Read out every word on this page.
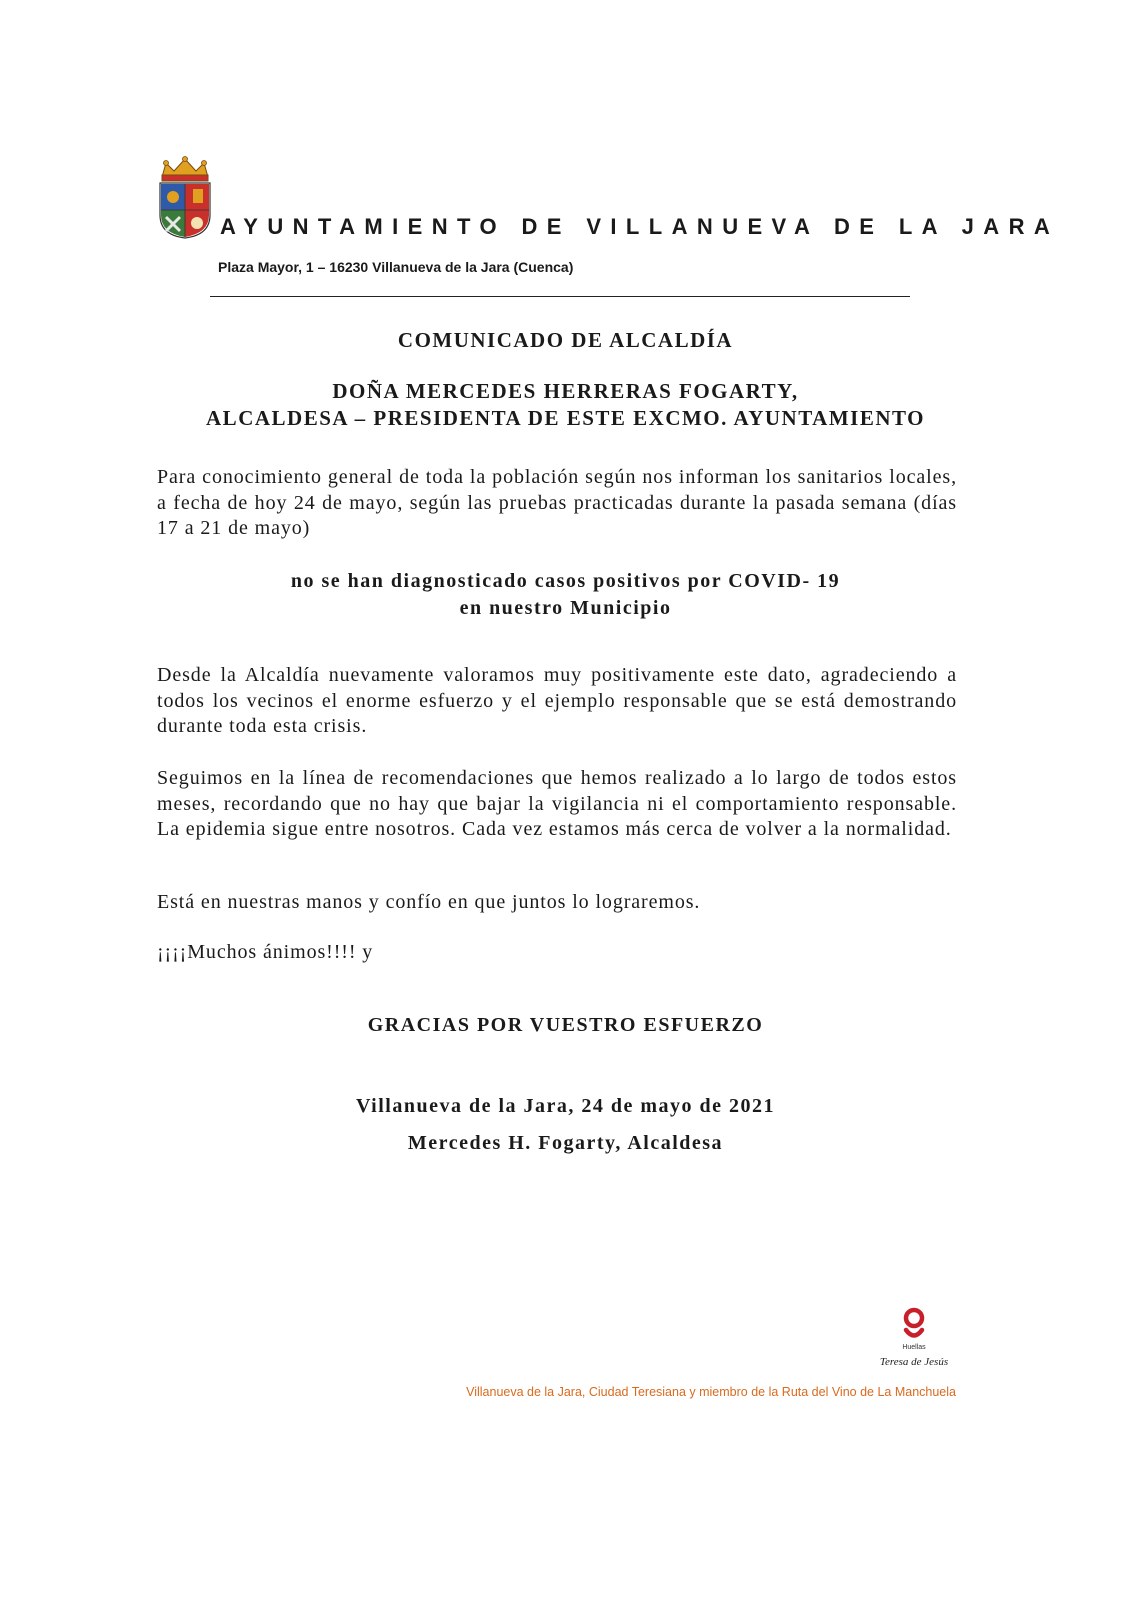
AYUNTAMIENTO DE VILLANUEVA DE LA JARA
Plaza Mayor, 1 – 16230 Villanueva de la Jara (Cuenca)
COMUNICADO DE ALCALDÍA
DOÑA MERCEDES HERRERAS FOGARTY,
ALCALDESA – PRESIDENTA DE ESTE EXCMO. AYUNTAMIENTO
Para conocimiento general de toda la población según nos informan los sanitarios locales, a fecha de hoy 24 de mayo, según las pruebas practicadas durante la pasada semana (días 17 a 21 de mayo)
no se han diagnosticado casos positivos por COVID- 19
en nuestro Municipio
Desde la Alcaldía nuevamente valoramos muy positivamente este dato, agradeciendo a todos los vecinos el enorme esfuerzo y el ejemplo responsable que se está demostrando durante toda esta crisis.
Seguimos en la línea de recomendaciones que hemos realizado a lo largo de todos estos meses, recordando que no hay que bajar la vigilancia ni el comportamiento responsable. La epidemia sigue entre nosotros. Cada vez estamos más cerca de volver a la normalidad.
Está en nuestras manos y confío en que juntos lo lograremos.
¡¡¡¡Muchos ánimos!!!! y
GRACIAS POR VUESTRO ESFUERZO
Villanueva de la Jara, 24 de mayo de 2021
Mercedes H. Fogarty, Alcaldesa
Huellas
Teresa de Jesús
Villanueva de la Jara, Ciudad Teresiana y miembro de la Ruta del Vino de La Manchuela
